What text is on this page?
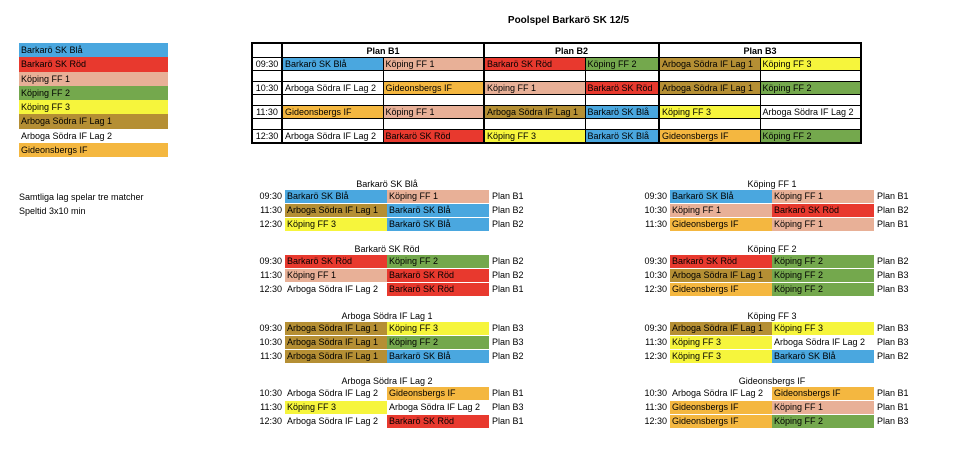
Poolspel Barkarö SK 12/5
Barkarö SK Blå
Barkarö SK Röd
Köping FF 1
Köping FF 2
Köping FF 3
Arboga Södra IF Lag 1
Arboga Södra IF Lag 2
Gideonsbergs IF
Samtliga lag spelar tre matcher
Speltid 3x10 min
	Plan B1		Plan B2		Plan B3	
09:30	Barkarö SK Blå	Köping FF 1	Barkarö SK Röd	Köping FF 2	Arboga Södra IF Lag 1	Köping FF 3

10:30	Arboga Södra IF Lag 2	Gideonsbergs IF	Köping FF 1	Barkarö SK Röd	Arboga Södra IF Lag 1	Köping FF 2

11:30	Gideonsbergs IF	Köping FF 1	Arboga Södra IF Lag 1	Barkarö SK Blå	Köping FF 3	Arboga Södra IF Lag 2

12:30	Arboga Södra IF Lag 2	Barkarö SK Röd	Köping FF 3	Barkarö SK Blå	Gideonsbergs IF	Köping FF 2
Barkarö SK Blå
09:30 Barkarö SK Blå	Köping FF 1	Plan B1
11:30 Arboga Södra IF Lag 1	Barkarö SK Blå	Plan B2
12:30 Köping FF 3	Barkarö SK Blå	Plan B2
Köping FF 1
09:30 Barkarö SK Blå	Köping FF 1	Plan B1
10:30 Köping FF 1	Barkarö SK Röd	Plan B2
11:30 Gideonsbergs IF	Köping FF 1	Plan B1
Barkarö SK Röd
09:30 Barkarö SK Röd	Köping FF 2	Plan B2
11:30 Köping FF 1	Barkarö SK Röd	Plan B2
12:30 Arboga Södra IF Lag 2	Barkarö SK Röd	Plan B1
Köping FF 2
09:30 Barkarö SK Röd	Köping FF 2	Plan B2
10:30 Arboga Södra IF Lag 1	Köping FF 2	Plan B3
12:30 Gideonsbergs IF	Köping FF 2	Plan B3
Arboga Södra IF Lag 1
09:30 Arboga Södra IF Lag 1	Köping FF 3	Plan B3
10:30 Arboga Södra IF Lag 1	Köping FF 2	Plan B3
11:30 Arboga Södra IF Lag 1	Barkarö SK Blå	Plan B2
Köping FF 3
09:30 Arboga Södra IF Lag 1	Köping FF 3	Plan B3
11:30 Köping FF 3	Arboga Södra IF Lag 2	Plan B3
12:30 Köping FF 3	Barkarö SK Blå	Plan B2
Arboga Södra IF Lag 2
10:30 Arboga Södra IF Lag 2	Gideonsbergs IF	Plan B1
11:30 Köping FF 3	Arboga Södra IF Lag 2	Plan B3
12:30 Arboga Södra IF Lag 2	Barkarö SK Röd	Plan B1
Gideonsbergs IF
10:30 Arboga Södra IF Lag 2	Gideonsbergs IF	Plan B1
11:30 Gideonsbergs IF	Köping FF 1	Plan B1
12:30 Gideonsbergs IF	Köping FF 2	Plan B3
